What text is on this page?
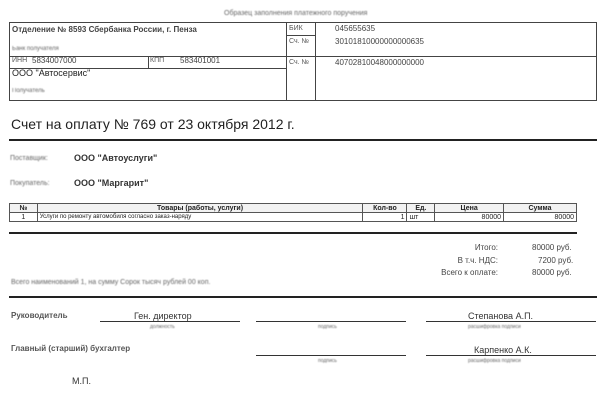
Образец заполнения платежного поручения
Отделение № 8593 Сбербанка России, г. Пенза
Банк получателя
ИНН 5834007000	КПП 583401001
ООО "Автосервис"
Получатель
БИК	045655635
Сч. №	30101810000000000635
Сч. №	40702810048000000000
Счет на оплату № 769 от 23 октября 2012 г.
Поставщик:	ООО "Автоуслуги"
Покупатель:	ООО "Маргарит"
№	Товары (работы, услуги)	Кол-во	Ед.	Цена	Сумма
1	Услуги по ремонту автомобиля согласно заказ-наряду	1	шт	80000	80000
Итого:	80000 руб.
В т.ч. НДС:	7200 руб.
Всего к оплате:	80000 руб.
Всего наименований 1, на сумму Сорок тысяч рублей 00 коп.
Руководитель	Ген. директор
должность	подпись
Степанова А.П.
расшифровка подписи
Главный (старший) бухгалтер
подпись
Карпенко А.К.
расшифровка подписи
М.П.
